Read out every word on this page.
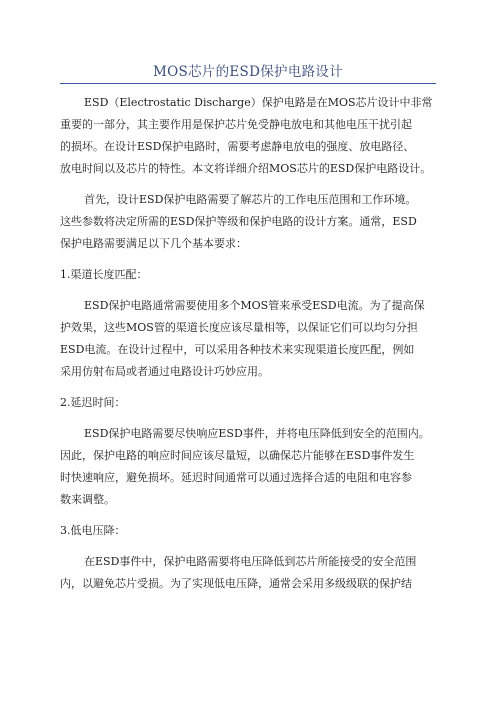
MOS芯片的ESD保护电路设计
ESD（Electrostatic Discharge）保护电路是在MOS芯片设计中非常
重要的一部分，其主要作用是保护芯片免受静电放电和其他电压干扰引起
的损坏。在设计ESD保护电路时，需要考虑静电放电的强度、放电路径、
放电时间以及芯片的特性。本文将详细介绍MOS芯片的ESD保护电路设计。
首先，设计ESD保护电路需要了解芯片的工作电压范围和工作环境。
这些参数将决定所需的ESD保护等级和保护电路的设计方案。通常，ESD
保护电路需要满足以下几个基本要求：
1.渠道长度匹配：
ESD保护电路通常需要使用多个MOS管来承受ESD电流。为了提高保
护效果，这些MOS管的渠道长度应该尽量相等，以保证它们可以均匀分担
ESD电流。在设计过程中，可以采用各种技术来实现渠道长度匹配，例如
采用仿射布局或者通过电路设计巧妙应用。
2.延迟时间：
ESD保护电路需要尽快响应ESD事件，并将电压降低到安全的范围内。
因此，保护电路的响应时间应该尽量短，以确保芯片能够在ESD事件发生
时快速响应，避免损坏。延迟时间通常可以通过选择合适的电阻和电容参
数来调整。
3.低电压降：
在ESD事件中，保护电路需要将电压降低到芯片所能接受的安全范围
内，以避免芯片受损。为了实现低电压降，通常会采用多级级联的保护结
